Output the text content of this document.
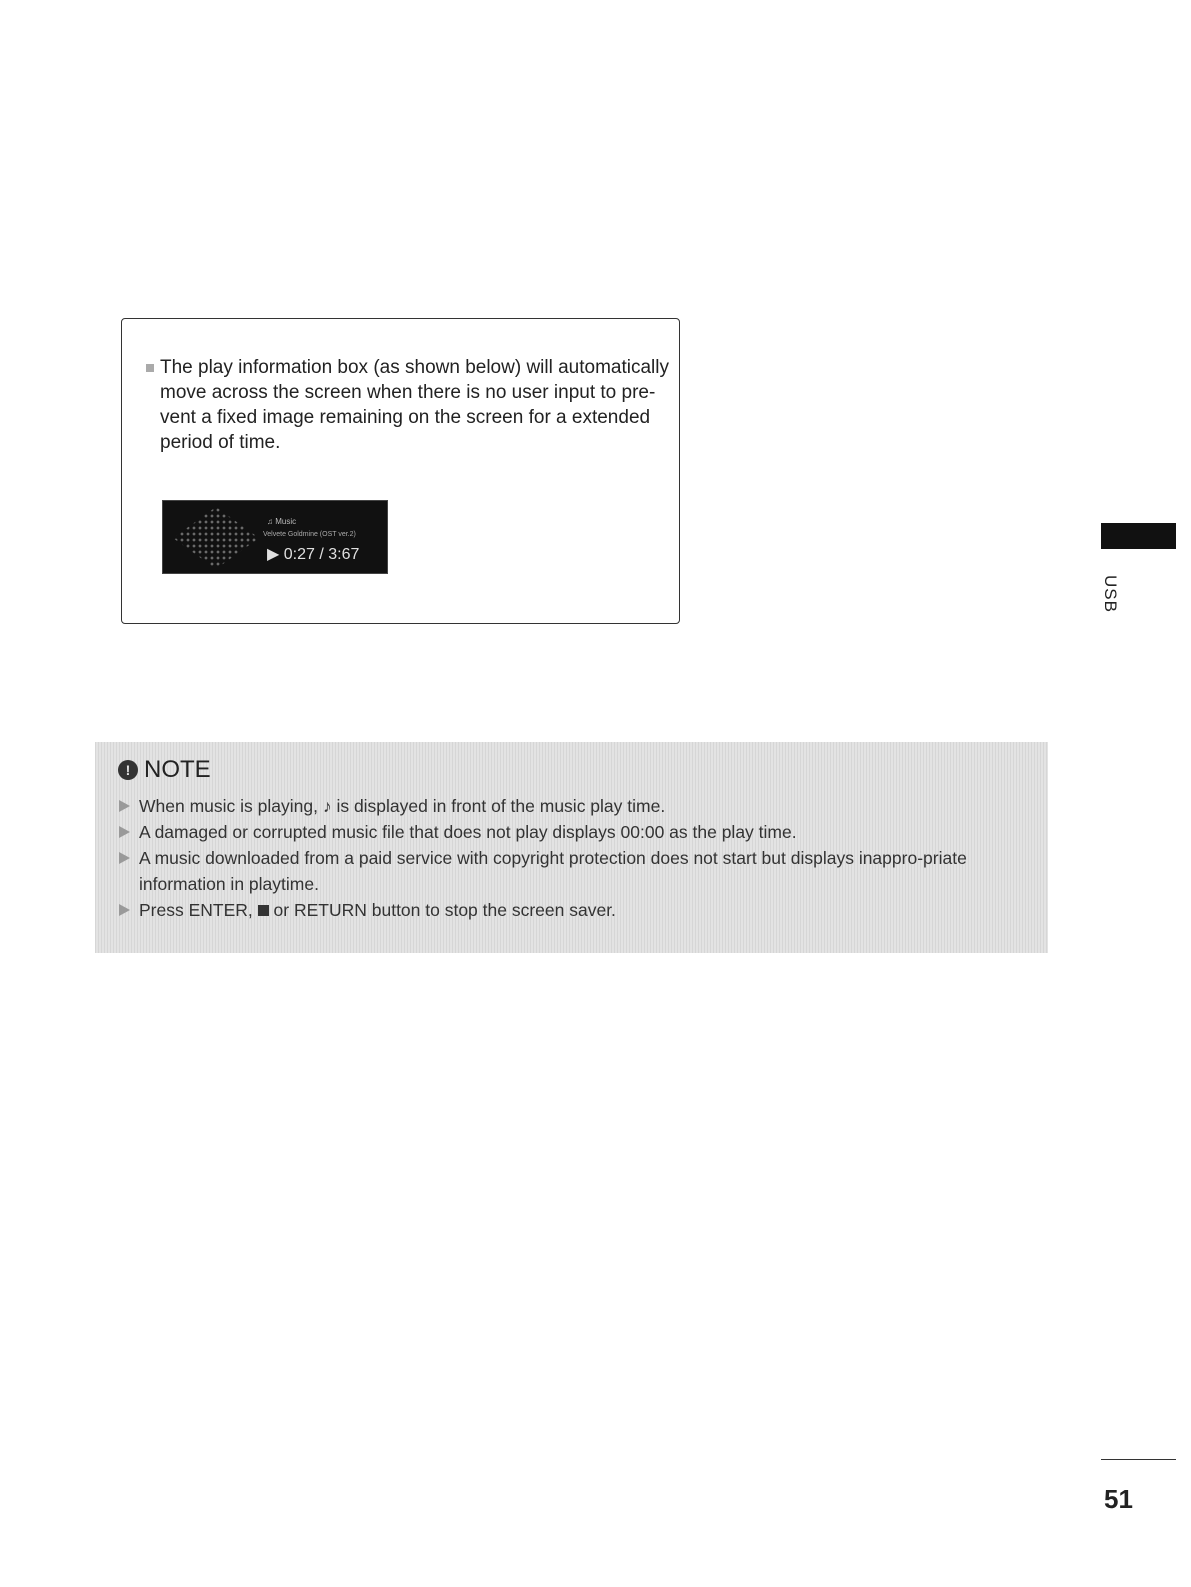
The play information box (as shown below) will automatically move across the screen when there is no user input to pre-vent a fixed image remaining on the screen for a extended period of time.
♫ Music
Velvete Goldmine (OST ver.2)
▶ 0:27 / 3:67
! NOTE
When music is playing, ♪ is displayed in front of the music play time.
A damaged or corrupted music file that does not play displays 00:00 as the play time.
A music downloaded from a paid service with copyright protection does not start but displays inappro-priate information in playtime.
Press ENTER,  or RETURN button to stop the screen saver.
USB
51
